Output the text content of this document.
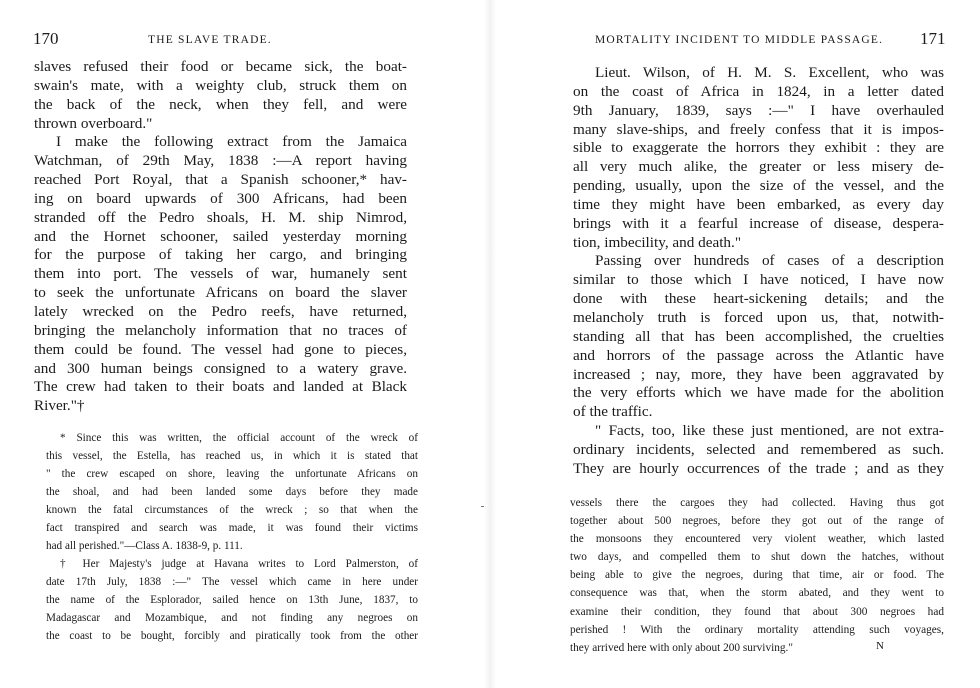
170	THE SLAVE TRADE.
slaves refused their food or became sick, the boat-
swain's mate, with a weighty club, struck them on
the back of the neck, when they fell, and were
thrown overboard."
I make the following extract from the Jamaica
Watchman, of 29th May, 1838 :—A report having
reached Port Royal, that a Spanish schooner,* hav-
ing on board upwards of 300 Africans, had been
stranded off the Pedro shoals, H. M. ship Nimrod,
and the Hornet schooner, sailed yesterday morning
for the purpose of taking her cargo, and bringing
them into port. The vessels of war, humanely sent
to seek the unfortunate Africans on board the slaver
lately wrecked on the Pedro reefs, have returned,
bringing the melancholy information that no traces of
them could be found. The vessel had gone to pieces,
and 300 human beings consigned to a watery grave.
The crew had taken to their boats and landed at Black
River."†
* Since this was written, the official account of the wreck of
this vessel, the Estella, has reached us, in which it is stated that
" the crew escaped on shore, leaving the unfortunate Africans on
the shoal, and had been landed some days before they made
known the fatal circumstances of the wreck ; so that when the
fact transpired and search was made, it was found their victims
had all perished."—Class A. 1838-9, p. 111.
† Her Majesty's judge at Havana writes to Lord Palmerston, of
date 17th July, 1838 :—" The vessel which came in here under
the name of the Esplorador, sailed hence on 13th June, 1837, to
Madagascar and Mozambique, and not finding any negroes on
the coast to be bought, forcibly and piratically took from the other
MORTALITY INCIDENT TO MIDDLE PASSAGE. 171
Lieut. Wilson, of H. M. S. Excellent, who was
on the coast of Africa in 1824, in a letter dated
9th January, 1839, says :—" I have overhauled
many slave-ships, and freely confess that it is impos-
sible to exaggerate the horrors they exhibit : they are
all very much alike, the greater or less misery de-
pending, usually, upon the size of the vessel, and the
time they might have been embarked, as every day
brings with it a fearful increase of disease, despera-
tion, imbecility, and death."
Passing over hundreds of cases of a description
similar to those which I have noticed, I have now
done with these heart-sickening details; and the
melancholy truth is forced upon us, that, notwith-
standing all that has been accomplished, the cruelties
and horrors of the passage across the Atlantic have
increased ; nay, more, they have been aggravated by
the very efforts which we have made for the abolition
of the traffic.
" Facts, too, like these just mentioned, are not extra-
ordinary incidents, selected and remembered as such.
They are hourly occurrences of the trade ; and as they
vessels there the cargoes they had collected. Having thus got
together about 500 negroes, before they got out of the range of
the monsoons they encountered very violent weather, which lasted
two days, and compelled them to shut down the hatches, without
being able to give the negroes, during that time, air or food. The
consequence was that, when the storm abated, and they went to
examine their condition, they found that about 300 negroes had
perished ! With the ordinary mortality attending such voyages,
they arrived here with only about 200 surviving."	N
